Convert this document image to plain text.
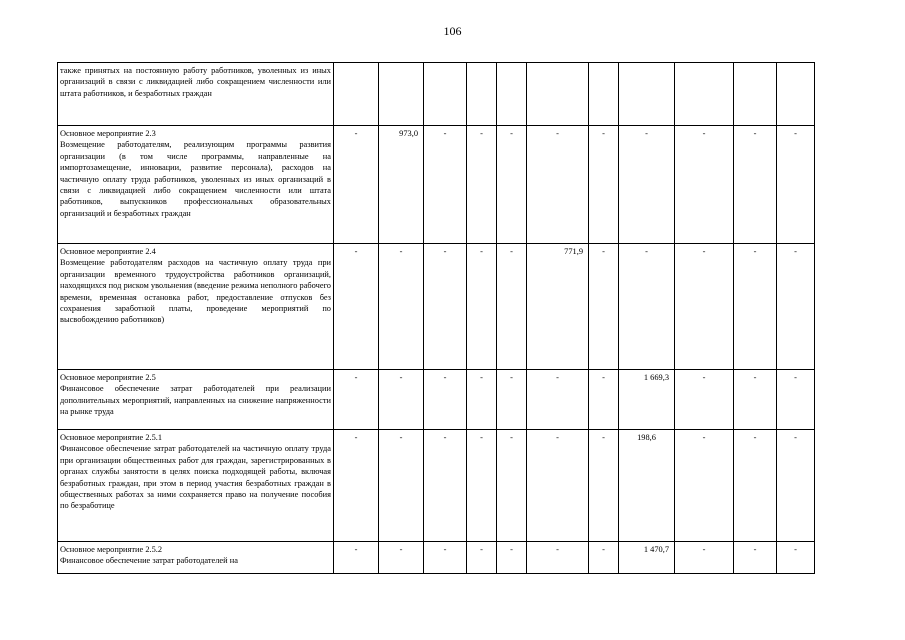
106
также принятых на постоянную работу работников, уволенных из иных организаций в связи с ликвидацией либо сокращением численности или штата работников, и безработных граждан											

Основное мероприятие 2.3
Возмещение работодателям, реализующим программы развития организации (в том числе программы, направленные на импортозамещение, инновации, развитие персонала), расходов на частичную оплату труда работников, уволенных из иных организаций в связи с ликвидацией либо сокращением численности или штата работников, выпускников профессиональных образовательных организаций и безработных граждан	-	973,0	-	-	-	-	-	-	-	-	-

Основное мероприятие 2.4
Возмещение работодателям расходов на частичную оплату труда при организации временного трудоустройства работников организаций, находящихся под риском увольнения (введение режима неполного рабочего времени, временная остановка работ, предоставление отпусков без сохранения заработной платы, проведение мероприятий по высвобождению работников)	-	-	-	-	-	771,9	-	-	-	-	-

Основное мероприятие 2.5
Финансовое обеспечение затрат работодателей при реализации дополнительных мероприятий, направленных на снижение напряженности на рынке труда	-	-	-	-	-	-	-	1 669,3	-	-	-

Основное мероприятие 2.5.1
Финансовое обеспечение затрат работодателей на частичную оплату труда при организации общественных работ для граждан, зарегистрированных в органах службы занятости в целях поиска подходящей работы, включая безработных граждан, при этом в период участия безработных граждан в общественных работах за ними сохраняется право на получение пособия по безработице	-	-	-	-	-	-	-	198,6	-	-	-

Основное мероприятие 2.5.2
Финансовое обеспечение затрат работодателей на	-	-	-	-	-	-	-	1 470,7	-	-	-
